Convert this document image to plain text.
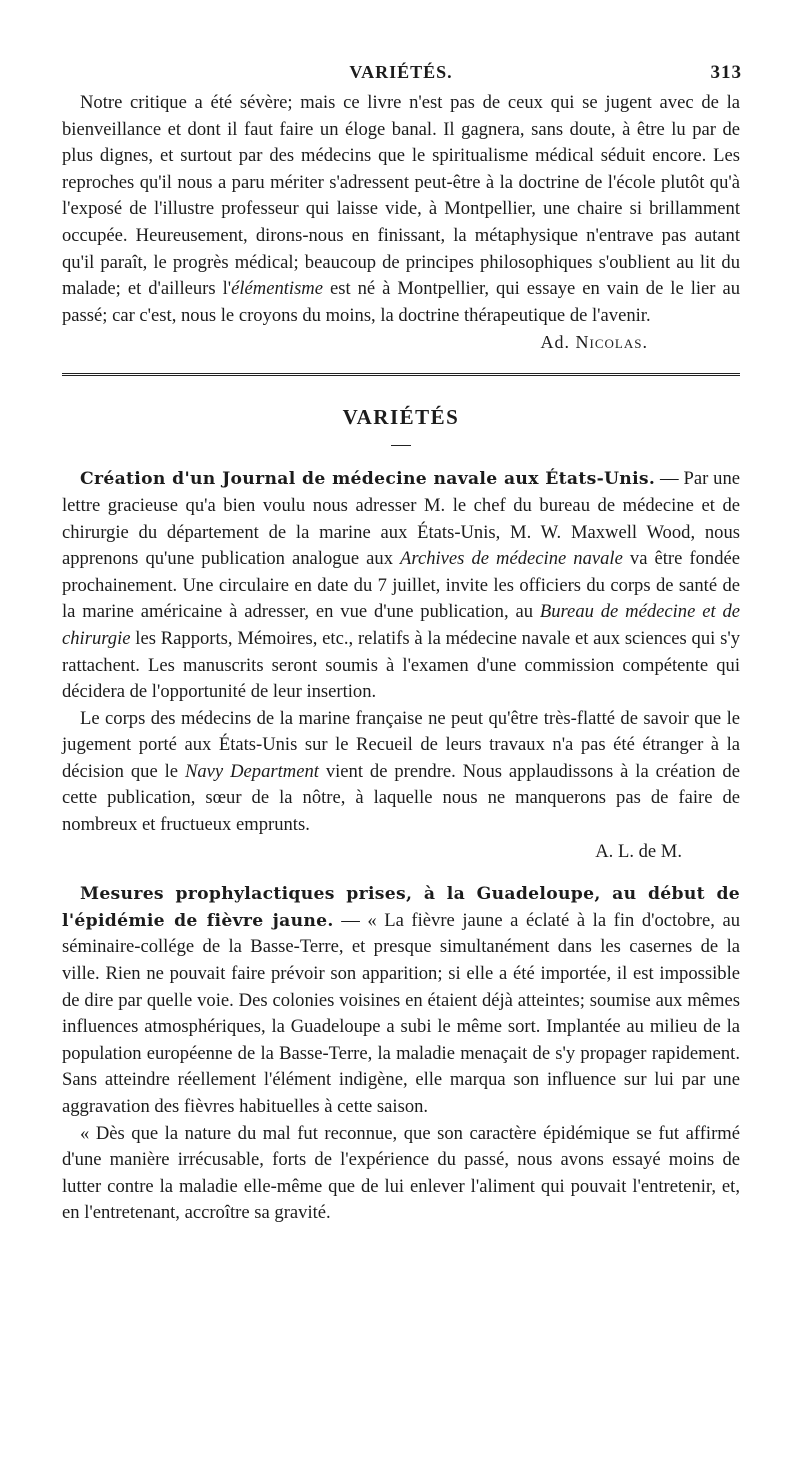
VARIÉTÉS.	313

Notre critique a été sévère; mais ce livre n'est pas de ceux qui se jugent avec de la bienveillance et dont il faut faire un éloge banal. Il gagnera, sans doute, à être lu par de plus dignes, et surtout par des médecins que le spiritualisme médical séduit encore. Les reproches qu'il nous a paru mériter s'adressent peut-être à la doctrine de l'école plutôt qu'à l'exposé de l'illustre professeur qui laisse vide, à Montpellier, une chaire si brillamment occupée. Heureusement, dirons-nous en finissant, la métaphysique n'entrave pas autant qu'il paraît, le progrès médical; beaucoup de principes philosophiques s'oublient au lit du malade; et d'ailleurs l'élémentisme est né à Montpellier, qui essaye en vain de le lier au passé; car c'est, nous le croyons du moins, la doctrine thérapeutique de l'avenir.

Ad. Nicolas.
VARIÉTÉS

Création d'un Journal de médecine navale aux États-Unis. — Par une lettre gracieuse qu'a bien voulu nous adresser M. le chef du bureau de médecine et de chirurgie du département de la marine aux États-Unis, M. W. Maxwell Wood, nous apprenons qu'une publication analogue aux Archives de médecine navale va être fondée prochainement. Une circulaire en date du 7 juillet, invite les officiers du corps de santé de la marine américaine à adresser, en vue d'une publication, au Bureau de médecine et de chirurgie les Rapports, Mémoires, etc., relatifs à la médecine navale et aux sciences qui s'y rattachent. Les manuscrits seront soumis à l'examen d'une commission compétente qui décidera de l'opportunité de leur insertion.

Le corps des médecins de la marine française ne peut qu'être très-flatté de savoir que le jugement porté aux États-Unis sur le Recueil de leurs travaux n'a pas été étranger à la décision que le Navy Department vient de prendre. Nous applaudissons à la création de cette publication, sœur de la nôtre, à laquelle nous ne manquerons pas de faire de nombreux et fructueux emprunts.

A. L. de M.

Mesures prophylactiques prises, à la Guadeloupe, au début de l'épidémie de fièvre jaune. — « La fièvre jaune a éclaté à la fin d'octobre, au séminaire-collége de la Basse-Terre, et presque simultanément dans les casernes de la ville. Rien ne pouvait faire prévoir son apparition; si elle a été importée, il est impossible de dire par quelle voie. Des colonies voisines en étaient déjà atteintes; soumise aux mêmes influences atmosphériques, la Guadeloupe a subi le même sort. Implantée au milieu de la population européenne de la Basse-Terre, la maladie menaçait de s'y propager rapidement. Sans atteindre réellement l'élément indigène, elle marqua son influence sur lui par une aggravation des fièvres habituelles à cette saison.

« Dès que la nature du mal fut reconnue, que son caractère épidémique se fut affirmé d'une manière irrécusable, forts de l'expérience du passé, nous avons essayé moins de lutter contre la maladie elle-même que de lui enlever l'aliment qui pouvait l'entretenir, et, en l'entretenant, accroître sa gravité.
